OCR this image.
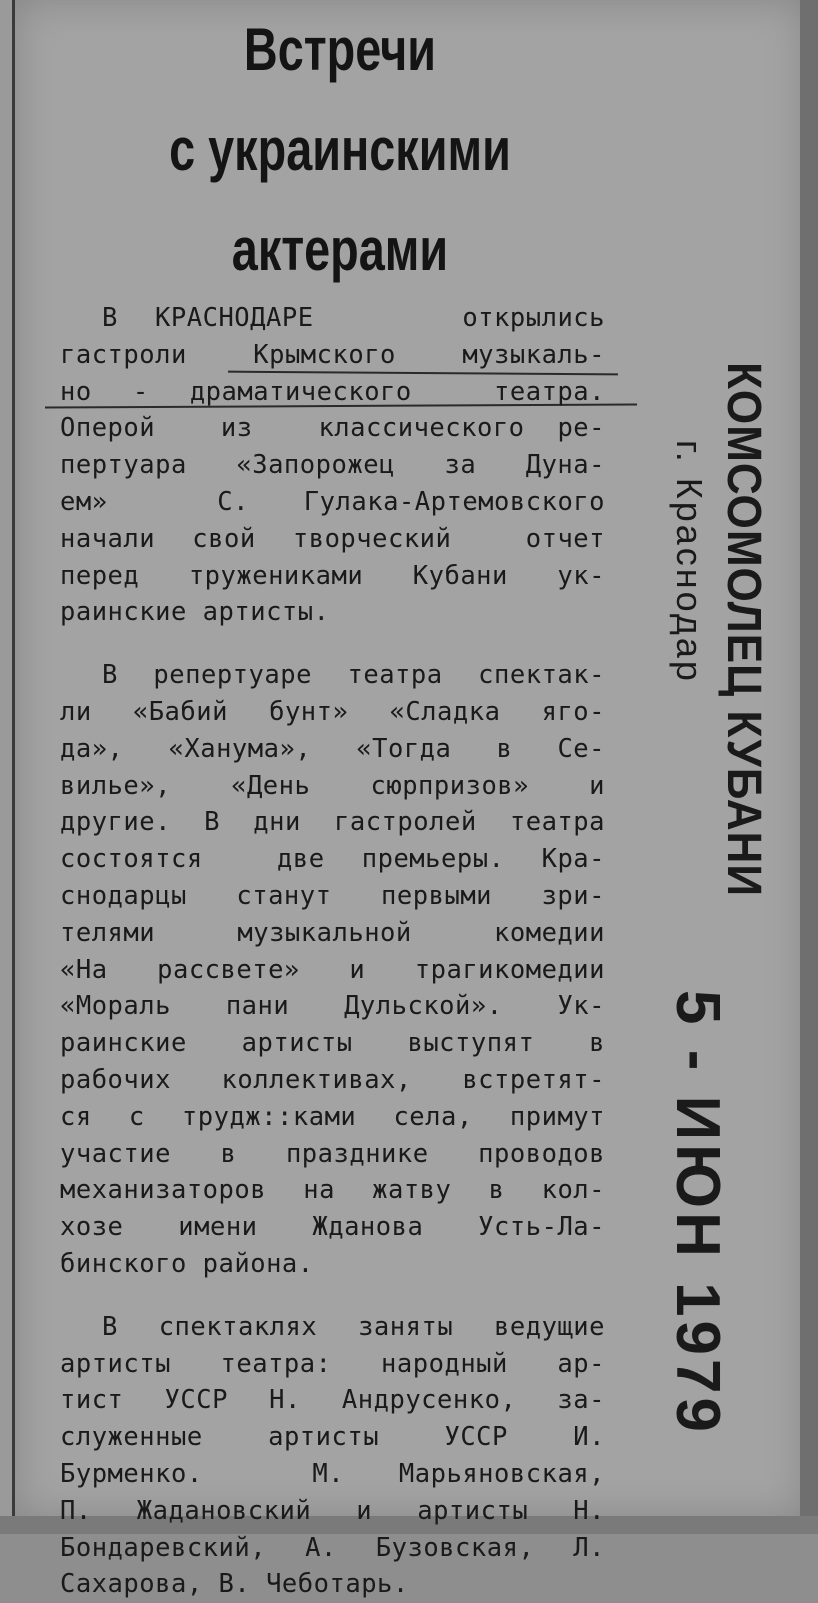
Встречи
с украинскими
актерами
В КРАСНОДАРЕ    открылись
гастроли Крымского музыкаль-
но - драматического  театра.
Оперой  из  классического ре-
пертуара «Запорожец за Дуна-
ем»  С. Гулака-Артемовского
начали свой творческий  отчет
перед тружениками Кубани ук-
раинские артисты.
В репертуаре театра спектак-
ли «Бабий бунт» «Сладка яго-
да», «Ханума», «Тогда в Се-
вилье», «День сюрпризов» и
другие. В дни гастролей театра
состоятся  две премьеры. Кра-
снодарцы станут первыми зри-
телями музыкальной комедии
«На рассвете» и трагикомедии
«Мораль пани Дульской». Ук-
раинские артисты выступят в
рабочих коллективах, встретят-
ся с трудж::ками села, примут
участие в празднике проводов
механизаторов на жатву в кол-
хозе имени Жданова Усть-Ла-
бинского района.
В спектаклях заняты ведущие
артисты театра: народный ар-
тист УССР Н. Андрусенко, за-
служенные артисты УССР И.
Бурменко.  М. Марьяновская,
П. Жадановский и артисты Н.
Бондаревский, А. Бузовская, Л.
Сахарова, В. Чеботарь.
КОМСОМОЛЕЦ КУБАНИ
г. Краснодар
5 - ИЮН 1979
